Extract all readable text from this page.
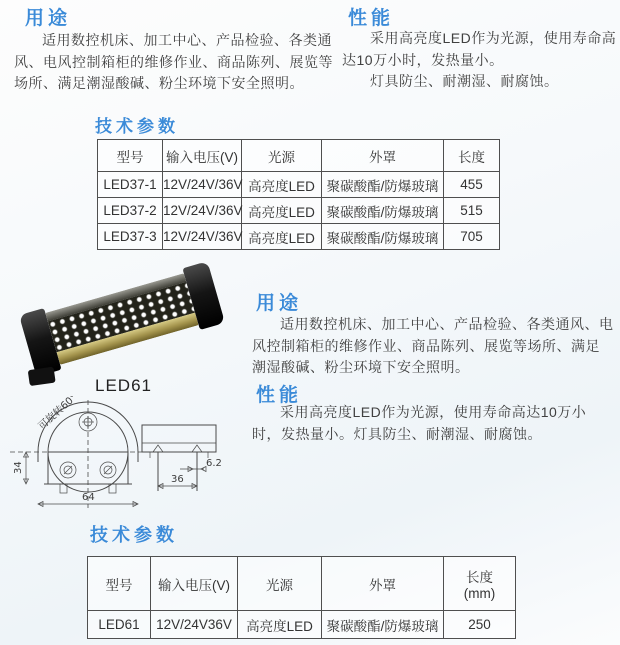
用途
适用数控机床、加工中心、产品检验、各类通风、电风控制箱柜的维修作业、商品陈列、展览等场所、满足潮湿酸碱、粉尘环境下安全照明。
性能

采用高亮度LED作为光源，使用寿命高达10万小时，发热量小。

灯具防尘、耐潮湿、耐腐蚀。

技术参数
型号	输入电压(V)	光源	外罩	长度
LED37-1	12V/24V/36V	高亮度LED	聚碳酸酯/防爆玻璃	455
LED37-2	12V/24V/36V	高亮度LED	聚碳酸酯/防爆玻璃	515
LED37-3	12V/24V/36V	高亮度LED	聚碳酸酯/防爆玻璃	705
LED61
用途
适用数控机床、加工中心、产品检验、各类通风、电风控制箱柜的维修作业、商品陈列、展览等场所、满足潮湿酸碱、粉尘环境下安全照明。
性能
采用高亮度LED作为光源，使用寿命高达10万小时，发热量小。灯具防尘、耐潮湿、耐腐蚀。
可旋转60°
34
64
36
6.2
技术参数
型号	输入电压(V)	光源	外罩	长度
(mm)
LED61	12V/24V36V	高亮度LED	聚碳酸酯/防爆玻璃	250
